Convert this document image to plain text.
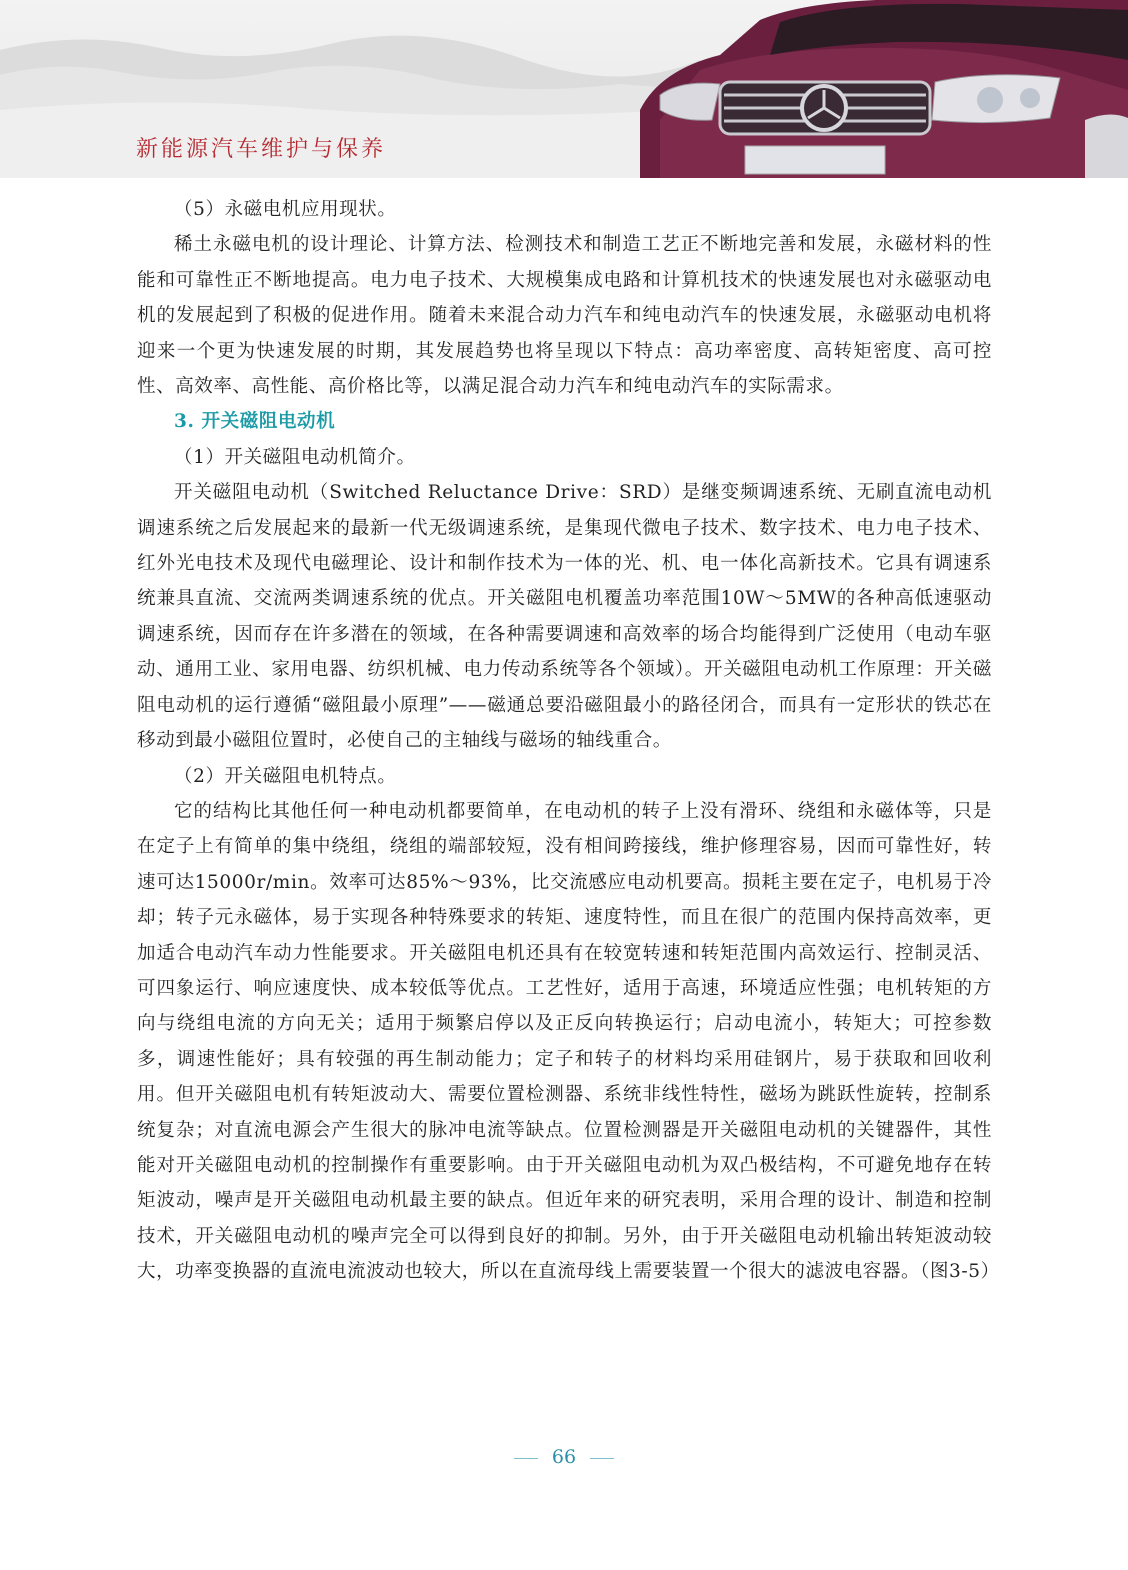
新能源汽车维护与保养

（5）永磁电机应用现状。

稀土永磁电机的设计理论、计算方法、检测技术和制造工艺正不断地完善和发展，永磁材料的性能和可靠性正不断地提高。电力电子技术、大规模集成电路和计算机技术的快速发展也对永磁驱动电机的发展起到了积极的促进作用。随着未来混合动力汽车和纯电动汽车的快速发展，永磁驱动电机将迎来一个更为快速发展的时期，其发展趋势也将呈现以下特点：高功率密度、高转矩密度、高可控性、高效率、高性能、高价格比等，以满足混合动力汽车和纯电动汽车的实际需求。

3. 开关磁阻电动机

（1）开关磁阻电动机简介。

开关磁阻电动机（Switched Reluctance Drive：SRD）是继变频调速系统、无刷直流电动机调速系统之后发展起来的最新一代无级调速系统，是集现代微电子技术、数字技术、电力电子技术、红外光电技术及现代电磁理论、设计和制作技术为一体的光、机、电一体化高新技术。它具有调速系统兼具直流、交流两类调速系统的优点。开关磁阻电机覆盖功率范围10W～5MW的各种高低速驱动调速系统，因而存在许多潜在的领域，在各种需要调速和高效率的场合均能得到广泛使用（电动车驱动、通用工业、家用电器、纺织机械、电力传动系统等各个领域）。开关磁阻电动机工作原理：开关磁阻电动机的运行遵循“磁阻最小原理”——磁通总要沿磁阻最小的路径闭合，而具有一定形状的铁芯在移动到最小磁阻位置时，必使自己的主轴线与磁场的轴线重合。

（2）开关磁阻电机特点。

它的结构比其他任何一种电动机都要简单，在电动机的转子上没有滑环、绕组和永磁体等，只是在定子上有简单的集中绕组，绕组的端部较短，没有相间跨接线，维护修理容易，因而可靠性好，转速可达15000r/min。效率可达85%～93%，比交流感应电动机要高。损耗主要在定子，电机易于冷却；转子元永磁体，易于实现各种特殊要求的转矩、速度特性，而且在很广的范围内保持高效率，更加适合电动汽车动力性能要求。开关磁阻电机还具有在较宽转速和转矩范围内高效运行、控制灵活、可四象运行、响应速度快、成本较低等优点。工艺性好，适用于高速，环境适应性强；电机转矩的方向与绕组电流的方向无关；适用于频繁启停以及正反向转换运行；启动电流小，转矩大；可控参数多，调速性能好；具有较强的再生制动能力；定子和转子的材料均采用硅钢片，易于获取和回收利用。但开关磁阻电机有转矩波动大、需要位置检测器、系统非线性特性，磁场为跳跃性旋转，控制系统复杂；对直流电源会产生很大的脉冲电流等缺点。位置检测器是开关磁阻电动机的关键器件，其性能对开关磁阻电动机的控制操作有重要影响。由于开关磁阻电动机为双凸极结构，不可避免地存在转矩波动，噪声是开关磁阻电动机最主要的缺点。但近年来的研究表明，采用合理的设计、制造和控制技术，开关磁阻电动机的噪声完全可以得到良好的抑制。另外，由于开关磁阻电动机输出转矩波动较大，功率变换器的直流电流波动也较大，所以在直流母线上需要装置一个很大的滤波电容器。（图3-5）

66
